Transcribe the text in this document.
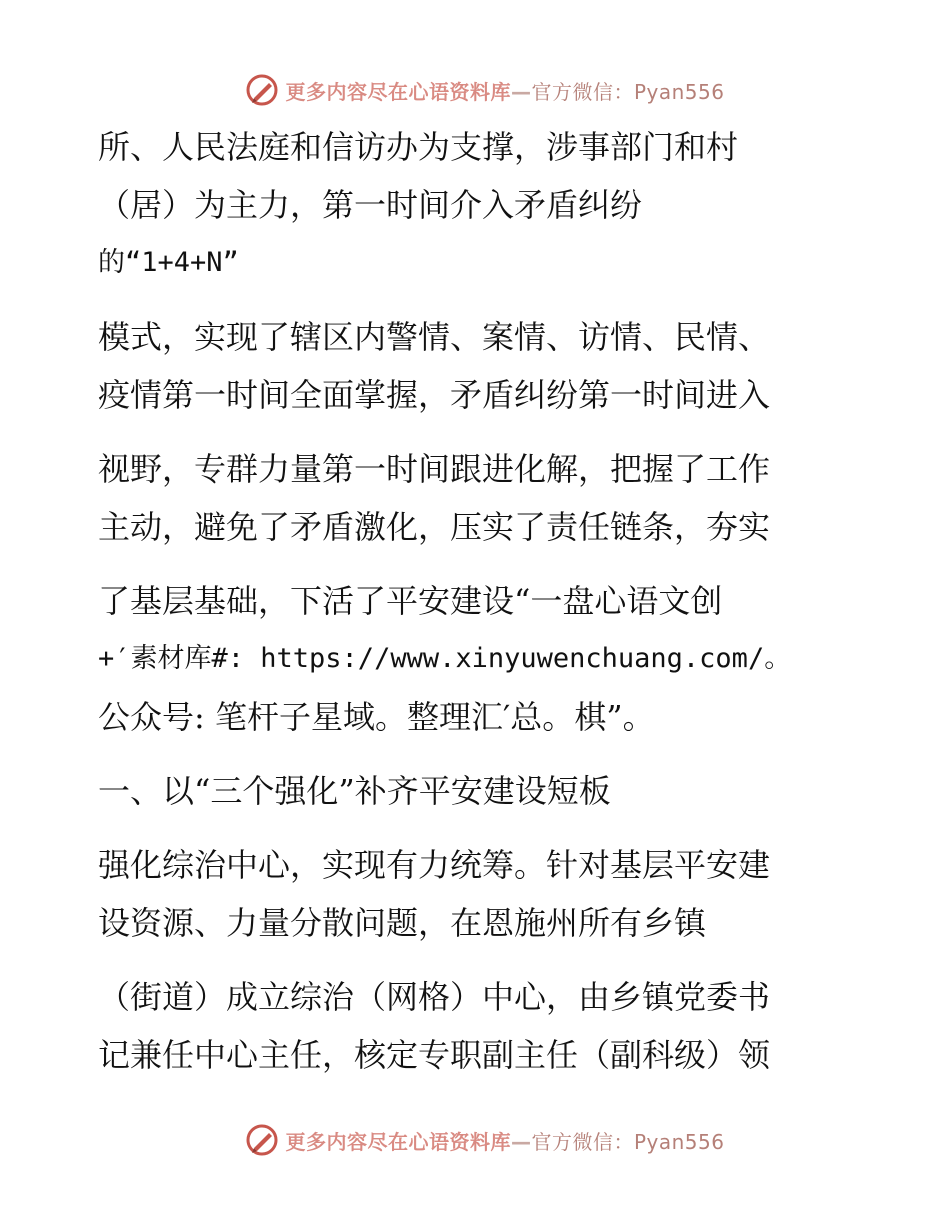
更多内容尽在心语资料库—官方微信：Pyan556
所、人民法庭和信访办为支撑，涉事部门和村
（居）为主力，第一时间介入矛盾纠纷
的“1+4+N”
模式，实现了辖区内警情、案情、访情、民情、
疫情第一时间全面掌握，矛盾纠纷第一时间进入
视野，专群力量第一时间跟进化解，把握了工作
主动，避免了矛盾激化，压实了责任链条，夯实
了基层基础，下活了平安建设“一盘心语文创
+′素材库#: https://www.xinyuwenchuang.com/。
公众号: 笔杆子星域。整理汇′总。棋”。
一、以“三个强化”补齐平安建设短板
强化综治中心，实现有力统筹。针对基层平安建
设资源、力量分散问题，在恩施州所有乡镇
（街道）成立综治（网格）中心，由乡镇党委书
记兼任中心主任，核定专职副主任（副科级）领
更多内容尽在心语资料库—官方微信：Pyan556
